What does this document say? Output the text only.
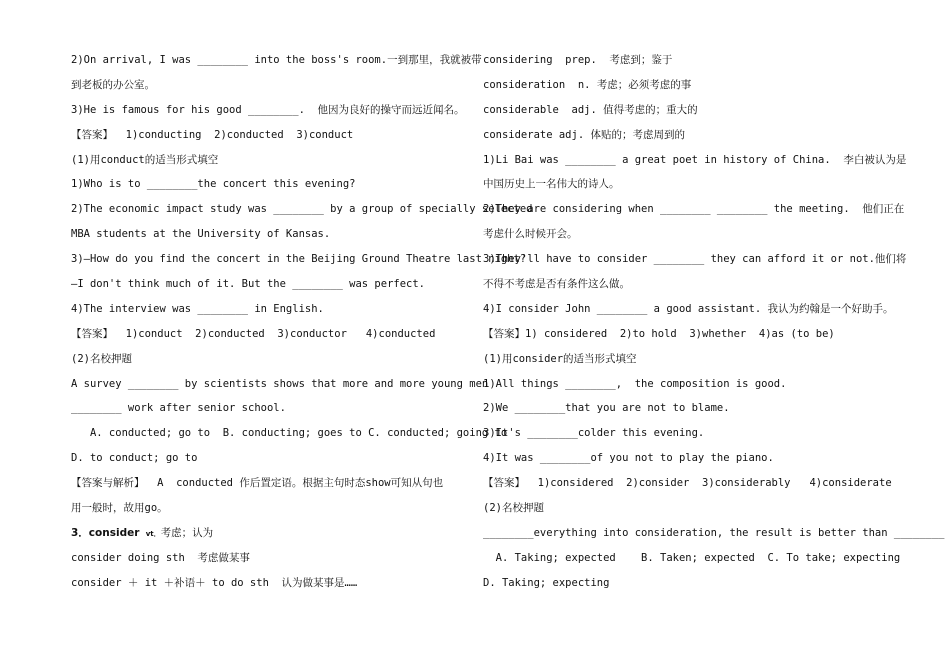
2)On arrival, I was ________ into the boss's room.一到那里，我就被带
到老板的办公室。
3)He is famous for his good ________.  他因为良好的操守而远近闻名。
【答案】  1)conducting  2)conducted  3)conduct
(1)用conduct的适当形式填空
1)Who is to ________the concert this evening?
2)The economic impact study was ________ by a group of specially selected
MBA students at the University of Kansas.
3)—How do you find the concert in the Beijing Ground Theatre last night?
—I don't think much of it. But the ________ was perfect.
4)The interview was ________ in English.
【答案】  1)conduct  2)conducted  3)conductor   4)conducted
(2)名校押题
A survey ________ by scientists shows that more and more young men
________ work after senior school.
A. conducted; go to  B. conducting; goes to C. conducted; going to
D. to conduct; go to
【答案与解析】  A  conducted 作后置定语。根据主句时态show可知从句也
用一般时，故用go。
3．consider vt．考虑；认为
consider doing sth  考虑做某事
consider ＋ it ＋补语＋ to do sth  认为做某事是……
considering  prep.  考虑到；鉴于
consideration  n. 考虑；必须考虑的事
considerable  adj. 值得考虑的；重大的
considerate adj. 体贴的；考虑周到的
1)Li Bai was ________ a great poet in history of China.  李白被认为是
中国历史上一名伟大的诗人。
2)They are considering when ________ ________ the meeting.  他们正在
考虑什么时候开会。
3)They'll have to consider ________ they can afford it or not.他们将
不得不考虑是否有条件这么做。
4)I consider John ________ a good assistant. 我认为约翰是一个好助手。
【答案】1) considered  2)to hold  3)whether  4)as (to be)
(1)用consider的适当形式填空
1)All things ________,  the composition is good.
2)We ________that you are not to blame.
3)It's ________colder this evening.
4)It was ________of you not to play the piano.
【答案】  1)considered  2)consider  3)considerably   4)considerate
(2)名校押题
________everything into consideration, the result is better than ________
A. Taking; expected    B. Taken; expected  C. To take; expecting
D. Taking; expecting
